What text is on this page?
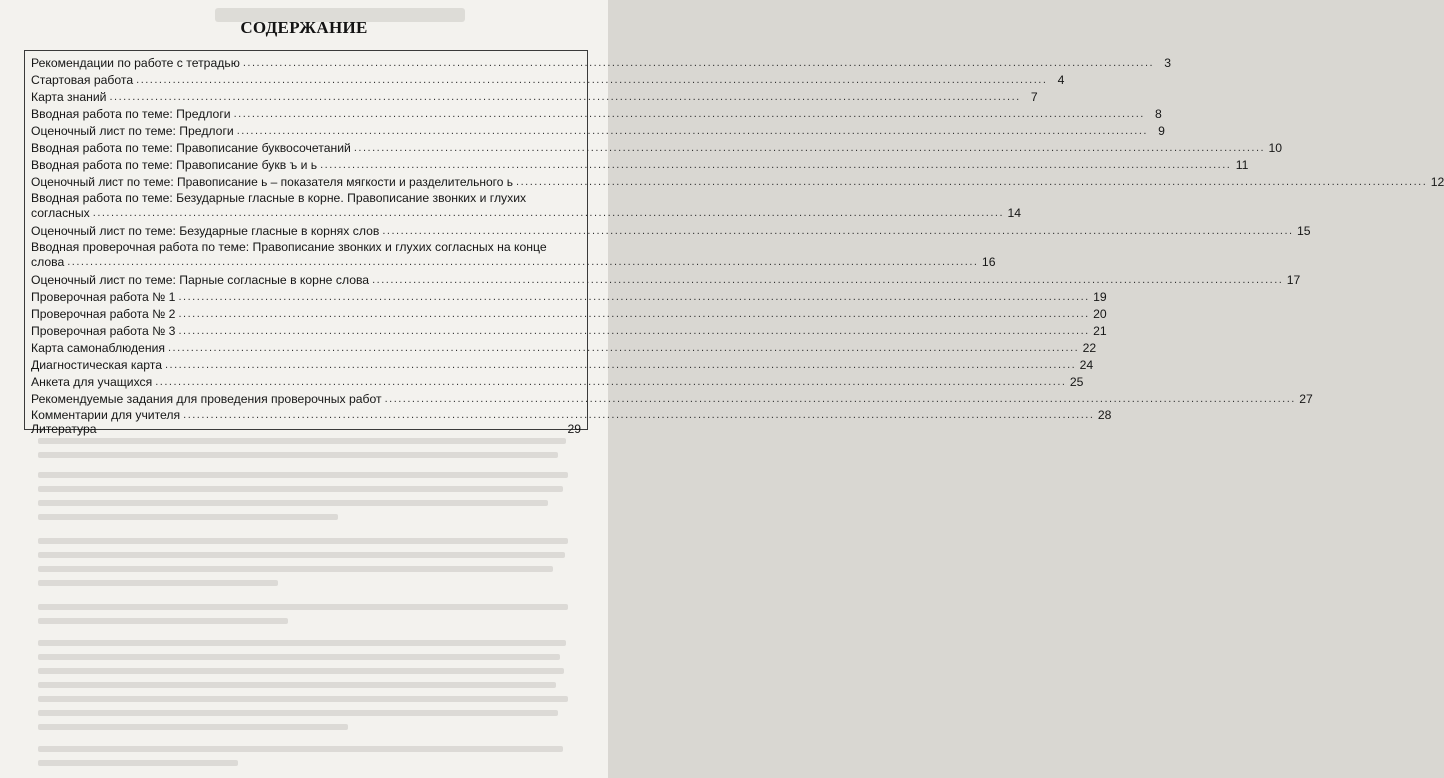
СОДЕРЖАНИЕ
Рекомендации по работе с тетрадью ........................................................................................................................................................................................................ 3
Стартовая работа ........................................................................................................................................................................................................ 4
Карта знаний ........................................................................................................................................................................................................ 7
Вводная работа по теме: Предлоги ........................................................................................................................................................................................................ 8
Оценочный лист по теме: Предлоги ........................................................................................................................................................................................................ 9
Вводная работа по теме: Правописание буквосочетаний ........................................................................................................................................................................................................ 10
Вводная работа по теме: Правописание букв ъ и ь ........................................................................................................................................................................................................ 11
Оценочный лист по теме: Правописание ь – показателя мягкости и разделительного ь ........................................................................................................................................................................................................ 12
Вводная работа по теме: Безударные гласные в корне. Правописание звонких и глухих
согласных ........................................................................................................................................................................................................ 14
Оценочный лист по теме: Безударные гласные в корнях слов ........................................................................................................................................................................................................ 15
Вводная проверочная работа по теме: Правописание звонких и глухих согласных на конце
слова ........................................................................................................................................................................................................ 16
Оценочный лист по теме: Парные согласные в корне слова ........................................................................................................................................................................................................ 17
Проверочная работа № 1 ........................................................................................................................................................................................................ 19
Проверочная работа № 2 ........................................................................................................................................................................................................ 20
Проверочная работа № 3 ........................................................................................................................................................................................................ 21
Карта самонаблюдения ........................................................................................................................................................................................................ 22
Диагностическая карта ........................................................................................................................................................................................................ 24
Анкета для учащихся ........................................................................................................................................................................................................ 25
Рекомендуемые задания для проведения проверочных работ ........................................................................................................................................................................................................ 27
Комментарии для учителя ........................................................................................................................................................................................................ 28
Литература	29
